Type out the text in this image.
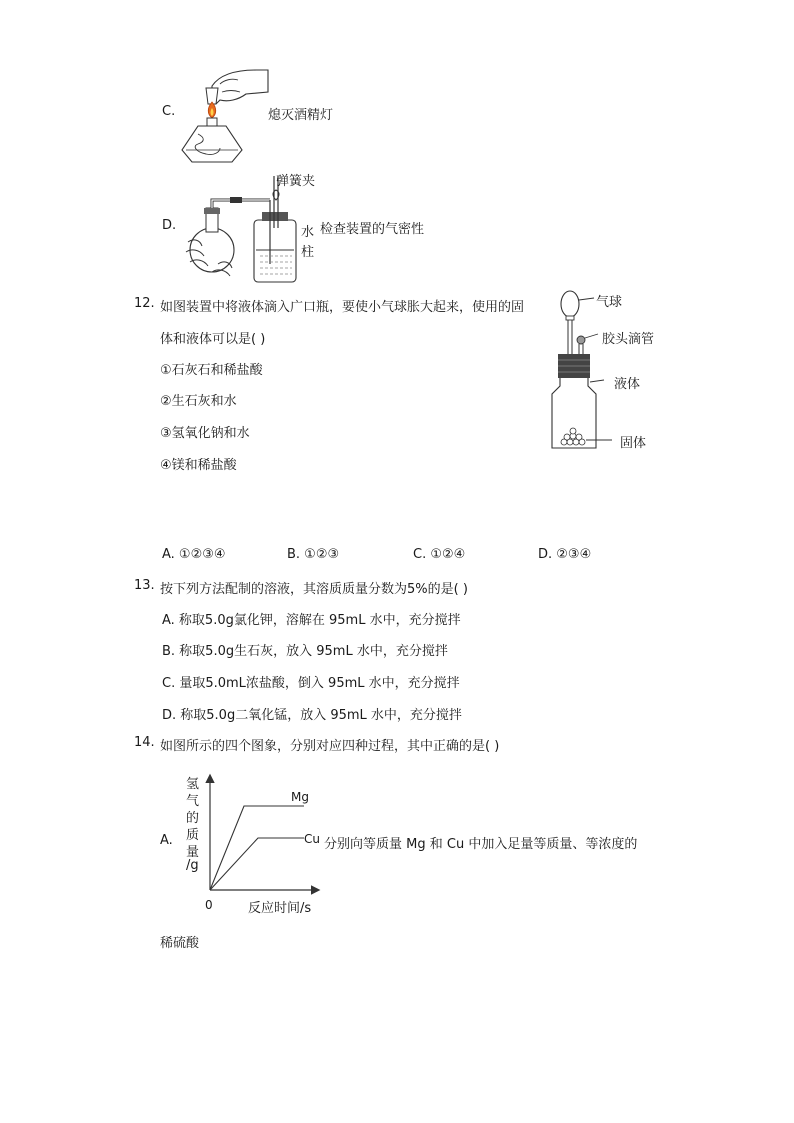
C.	熄灭酒精灯
D.
弹簧夹
水
柱
检查装置的气密性
12. 如图装置中将液体滴入广口瓶，要使小气球胀大起来，使用的固
体和液体可以是( )
①石灰石和稀盐酸
②生石灰和水
③氢氧化钠和水
④镁和稀盐酸
气球
胶头滴管
液体
固体
A. ①②③④	B. ①②③	C. ①②④	D. ②③④
13. 按下列方法配制的溶液，其溶质质量分数为5%的是( )
A. 称取5.0g氯化钾，溶解在 95mL 水中，充分搅拌
B. 称取5.0g生石灰，放入 95mL 水中，充分搅拌
C. 量取5.0mL浓盐酸，倒入 95mL 水中，充分搅拌
D. 称取5.0g二氧化锰，放入 95mL 水中，充分搅拌
14. 如图所示的四个图象，分别对应四种过程，其中正确的是( )
A.
氢
气
的
质
量
/g
Mg
Cu
0	反应时间/s
分别向等质量 Mg 和 Cu 中加入足量等质量、等浓度的
稀硫酸
